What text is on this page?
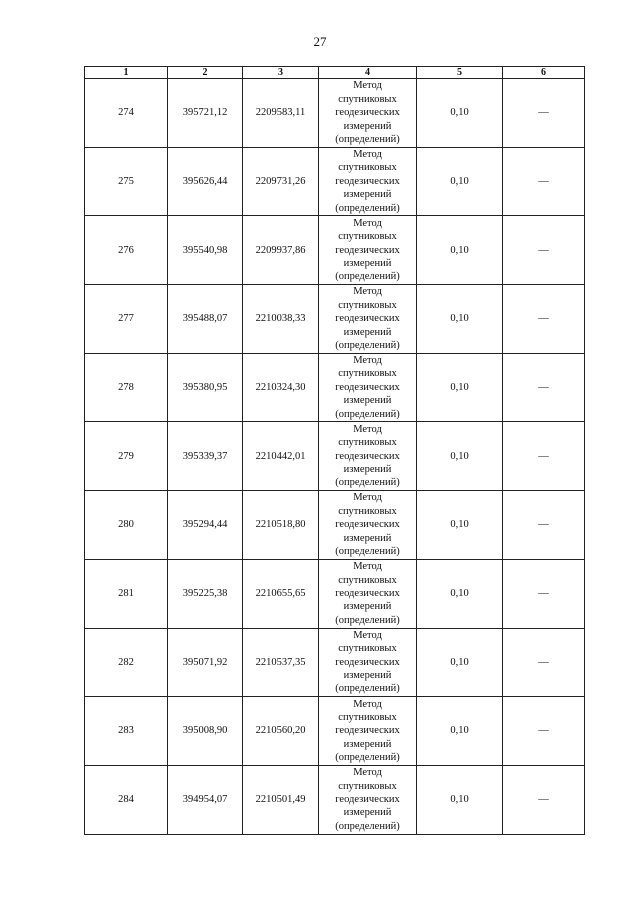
27
1	2	3	4	5	6
274	395721,12	2209583,11	Метод
спутниковых
геодезических
измерений
(определений)	0,10	—
275	395626,44	2209731,26	Метод
спутниковых
геодезических
измерений
(определений)	0,10	—
276	395540,98	2209937,86	Метод
спутниковых
геодезических
измерений
(определений)	0,10	—
277	395488,07	2210038,33	Метод
спутниковых
геодезических
измерений
(определений)	0,10	—
278	395380,95	2210324,30	Метод
спутниковых
геодезических
измерений
(определений)	0,10	—
279	395339,37	2210442,01	Метод
спутниковых
геодезических
измерений
(определений)	0,10	—
280	395294,44	2210518,80	Метод
спутниковых
геодезических
измерений
(определений)	0,10	—
281	395225,38	2210655,65	Метод
спутниковых
геодезических
измерений
(определений)	0,10	—
282	395071,92	2210537,35	Метод
спутниковых
геодезических
измерений
(определений)	0,10	—
283	395008,90	2210560,20	Метод
спутниковых
геодезических
измерений
(определений)	0,10	—
284	394954,07	2210501,49	Метод
спутниковых
геодезических
измерений
(определений)	0,10	—
